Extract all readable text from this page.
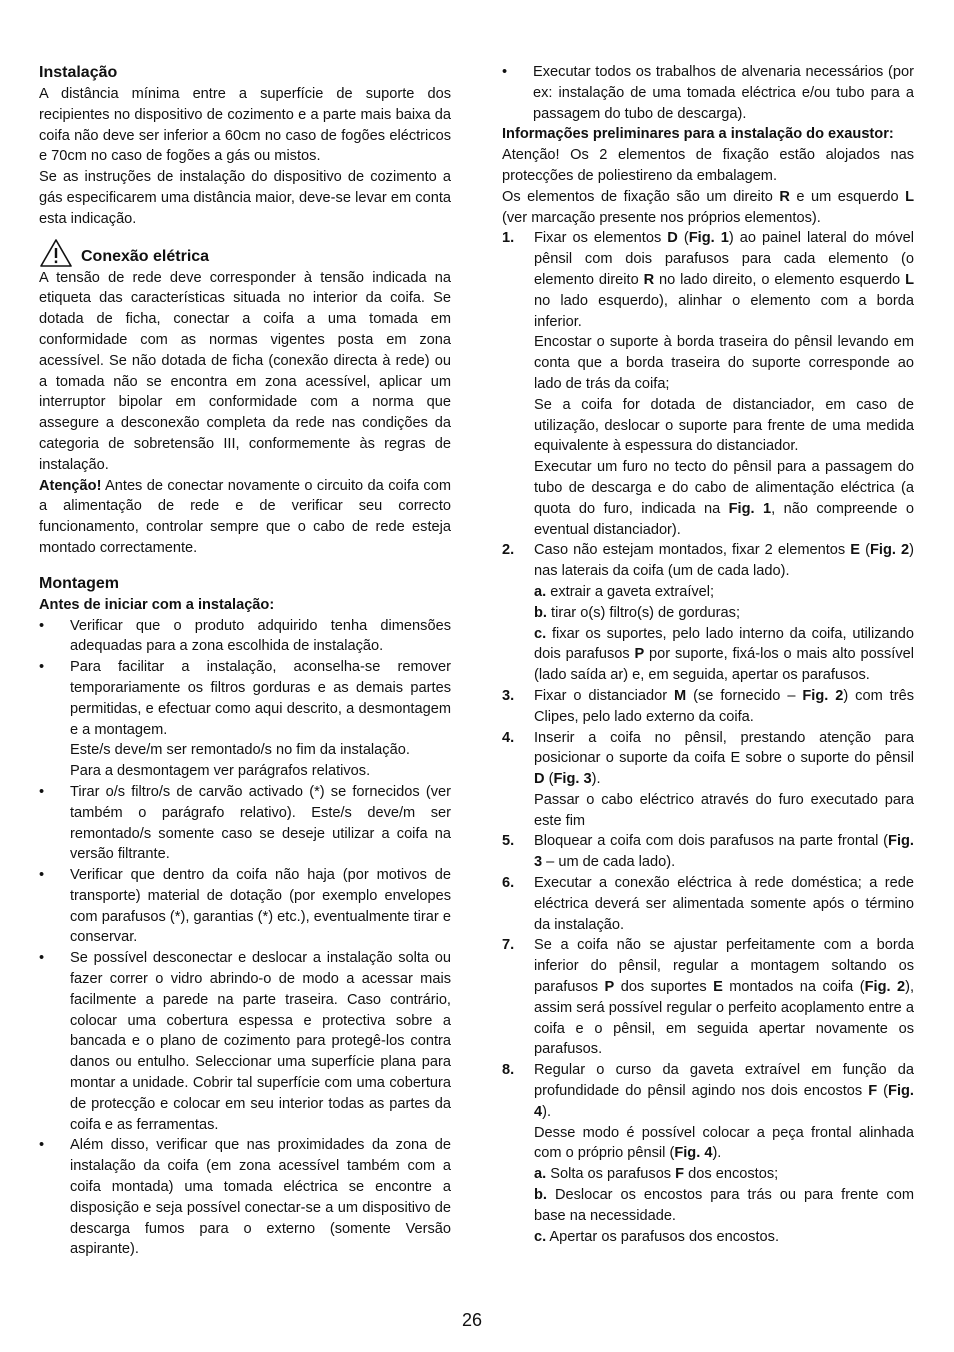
Instalação

A distância mínima entre a superfície de suporte dos recipientes no dispositivo de cozimento e a parte mais baixa da coifa não deve ser inferior a 60cm no caso de fogões eléctricos e 70cm no caso de fogões a gás ou mistos.

Se as instruções de instalação do dispositivo de cozimento a gás especificarem uma distância maior, deve-se levar em conta esta indicação.

Conexão elétrica

A tensão de rede deve corresponder à tensão indicada na etiqueta das características situada no interior da coifa. Se dotada de ficha, conectar a coifa a uma tomada em conformidade com as normas vigentes posta em zona acessível. Se não dotada de ficha (conexão directa à rede) ou a tomada não se encontra em zona acessível, aplicar um interruptor bipolar em conformidade com a norma que assegure a desconexão completa da rede nas condições da categoria de sobretensão III, conformemente às regras de instalação.

Atenção! Antes de conectar novamente o circuito da coifa com a alimentação de rede e de verificar seu correcto funcionamento, controlar sempre que o cabo de rede esteja montado correctamente.

Montagem
Antes de iniciar com a instalação:
• Verificar que o produto adquirido tenha dimensões adequadas para a zona escolhida de instalação.
• Para facilitar a instalação, aconselha-se remover temporariamente os filtros gorduras e as demais partes permitidas, e efectuar como aqui descrito, a desmontagem e a montagem.
Este/s deve/m ser remontado/s no fim da instalação.
Para a desmontagem ver parágrafos relativos.
• Tirar o/s filtro/s de carvão activado (*) se fornecidos (ver também o parágrafo relativo). Este/s deve/m ser remontado/s somente caso se deseje utilizar a coifa na versão filtrante.
• Verificar que dentro da coifa não haja (por motivos de transporte) material de dotação (por exemplo envelopes com parafusos (*), garantias (*) etc.), eventualmente tirar e conservar.
• Se possível desconectar e deslocar a instalação solta ou fazer correr o vidro abrindo-o de modo a acessar mais facilmente a parede na parte traseira. Caso contrário, colocar uma cobertura espessa e protectiva sobre a bancada e o plano de cozimento para protegê-los contra danos ou entulho. Seleccionar uma superfície plana para montar a unidade. Cobrir tal superfície com uma cobertura de protecção e colocar em seu interior todas as partes da coifa e as ferramentas.
• Além disso, verificar que nas proximidades da zona de instalação da coifa (em zona acessível também com a coifa montada) uma tomada eléctrica se encontre a disposição e seja possível conectar-se a um dispositivo de descarga fumos para o externo (somente Versão aspirante).
• Executar todos os trabalhos de alvenaria necessários (por ex: instalação de uma tomada eléctrica e/ou tubo para a passagem do tubo de descarga).
Informações preliminares para a instalação do exaustor:

Atenção! Os 2 elementos de fixação estão alojados nas protecções de poliestireno da embalagem.

Os elementos de fixação são um direito R e um esquerdo L (ver marcação presente nos próprios elementos).

1. Fixar os elementos D (Fig. 1) ao painel lateral do móvel pênsil com dois parafusos para cada elemento (o elemento direito R no lado direito, o elemento esquerdo L no lado esquerdo), alinhar o elemento com a borda inferior.

Encostar o suporte à borda traseira do pênsil levando em conta que a borda traseira do suporte corresponde ao lado de trás da coifa;

Se a coifa for dotada de distanciador, em caso de utilização, deslocar o suporte para frente de uma medida equivalente à espessura do distanciador.

Executar um furo no tecto do pênsil para a passagem do tubo de descarga e do cabo de alimentação eléctrica (a quota do furo, indicada na Fig. 1, não compreende o eventual distanciador).

2. Caso não estejam montados, fixar 2 elementos E (Fig. 2) nas laterais da coifa (um de cada lado).

a. extrair a gaveta extraível;

b. tirar o(s) filtro(s) de gorduras;

c. fixar os suportes, pelo lado interno da coifa, utilizando dois parafusos P por suporte, fixá-los o mais alto possível (lado saída ar) e, em seguida, apertar os parafusos.

3. Fixar o distanciador M (se fornecido – Fig. 2) com três Clipes, pelo lado externo da coifa.

4. Inserir a coifa no pênsil, prestando atenção para posicionar o suporte da coifa E sobre o suporte do pênsil D (Fig. 3).

Passar o cabo eléctrico através do furo executado para este fim

5. Bloquear a coifa com dois parafusos na parte frontal (Fig. 3 – um de cada lado).

6. Executar a conexão eléctrica à rede doméstica; a rede eléctrica deverá ser alimentada somente após o término da instalação.

7. Se a coifa não se ajustar perfeitamente com a borda inferior do pênsil, regular a montagem soltando os parafusos P dos suportes E montados na coifa (Fig. 2), assim será possível regular o perfeito acoplamento entre a coifa e o pênsil, em seguida apertar novamente os parafusos.

8. Regular o curso da gaveta extraível em função da profundidade do pênsil agindo nos dois encostos F (Fig. 4).

Desse modo é possível colocar a peça frontal alinhada com o próprio pênsil (Fig. 4).

a. Solta os parafusos F dos encostos;

b. Deslocar os encostos para trás ou para frente com base na necessidade.

c. Apertar os parafusos dos encostos.

26
